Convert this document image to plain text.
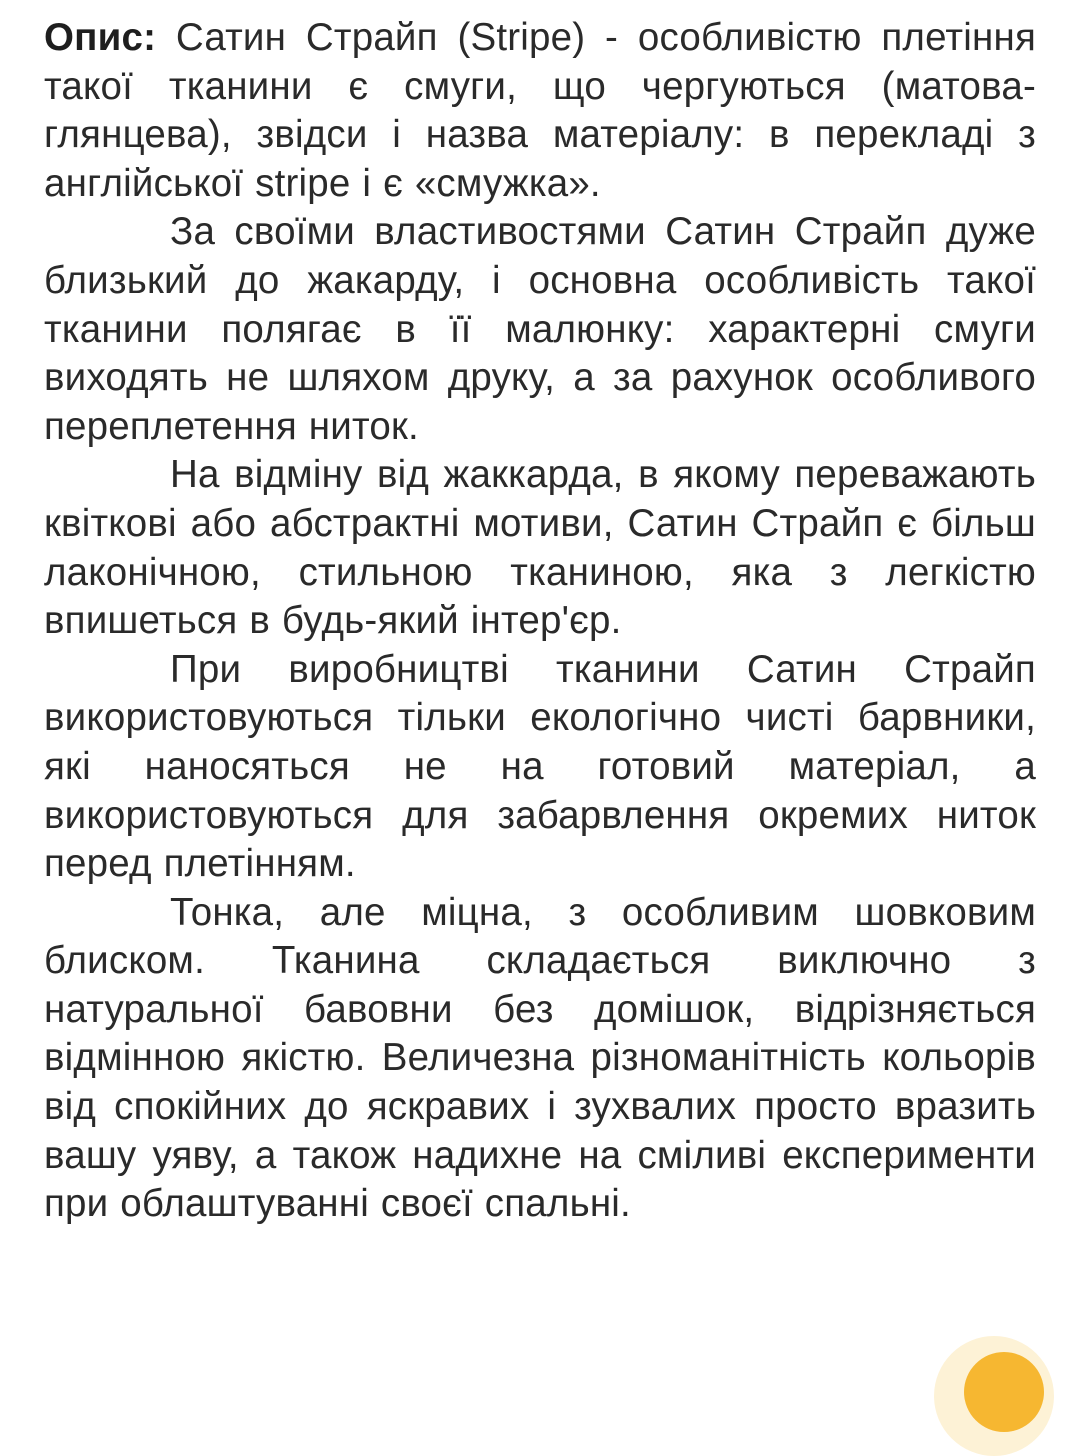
Опис: Сатин Страйп (Stripe) - особливістю плетіння такої тканини є смуги, що чергуються (матова-глянцева), звідси і назва матеріалу: в перекладі з англійської stripe і є «смужка».

За своїми властивостями Сатин Страйп дуже близький до жакарду, і основна особливість такої тканини полягає в її малюнку: характерні смуги виходять не шляхом друку, а за рахунок особливого переплетення ниток.

На відміну від жаккарда, в якому переважають квіткові або абстрактні мотиви, Сатин Страйп є більш лаконічною, стильною тканиною, яка з легкістю впишеться в будь-який інтер'єр.

При виробництві тканини Сатин Страйп використовуються тільки екологічно чисті барвники, які наносяться не на готовий матеріал, а використовуються для забарвлення окремих ниток перед плетінням.

Тонка, але міцна, з особливим шовковим блиском. Тканина складається виключно з натуральної бавовни без домішок, відрізняється відмінною якістю. Величезна різноманітність кольорів від спокійних до яскравих і зухвалих просто вразить вашу уяву, а також надихне на сміливі експерименти при облаштуванні своєї спальні.
